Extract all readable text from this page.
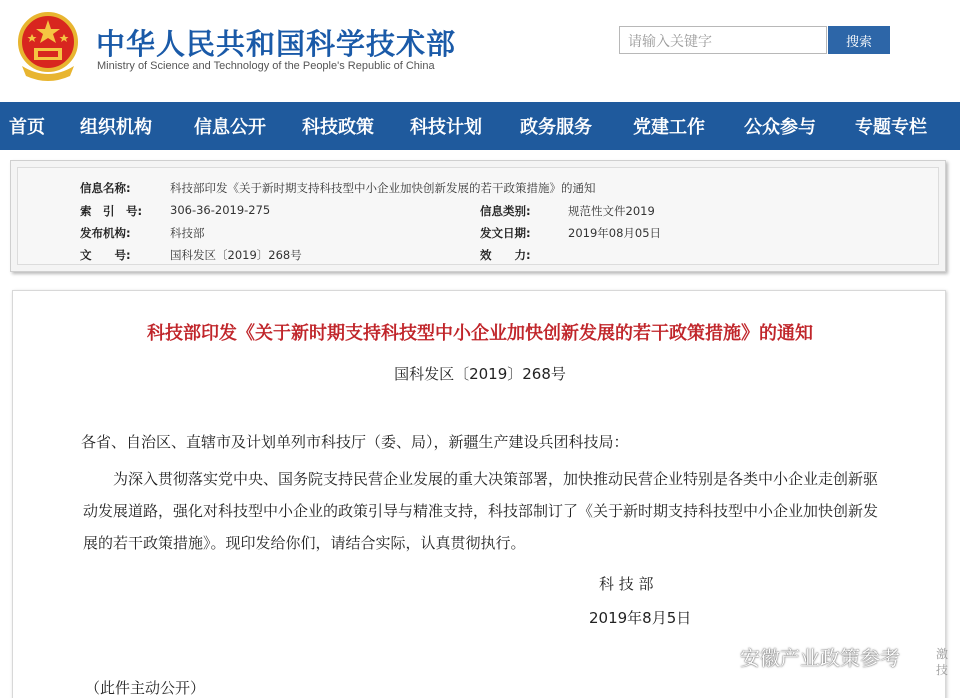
中华人民共和国科学技术部
Ministry of Science and Technology of the People's Republic of China
请输入关键字	搜索
首页	组织机构	信息公开	科技政策	科技计划	政务服务	党建工作	公众参与	专题专栏
信息名称:	科技部印发《关于新时期支持科技型中小企业加快创新发展的若干政策措施》的通知
索　引　号: 306-36-2019-275	信息类别:	规范性文件2019
发布机构:	科技部	发文日期:	2019年08月05日
文　　号:	国科发区〔2019〕268号	效　　力:
科技部印发《关于新时期支持科技型中小企业加快创新发展的若干政策措施》的通知
国科发区〔2019〕268号
各省、自治区、直辖市及计划单列市科技厅（委、局），新疆生产建设兵团科技局：
为深入贯彻落实党中央、国务院支持民营企业发展的重大决策部署，加快推动民营企业特别是各类中小企业走创新驱动发展道路，强化对科技型中小企业的政策引导与精准支持，科技部制订了《关于新时期支持科技型中小企业加快创新发展的若干政策措施》。现印发给你们，请结合实际，认真贯彻执行。
科 技 部
2019年8月5日
（此件主动公开）
安徽产业政策参考	激
技
